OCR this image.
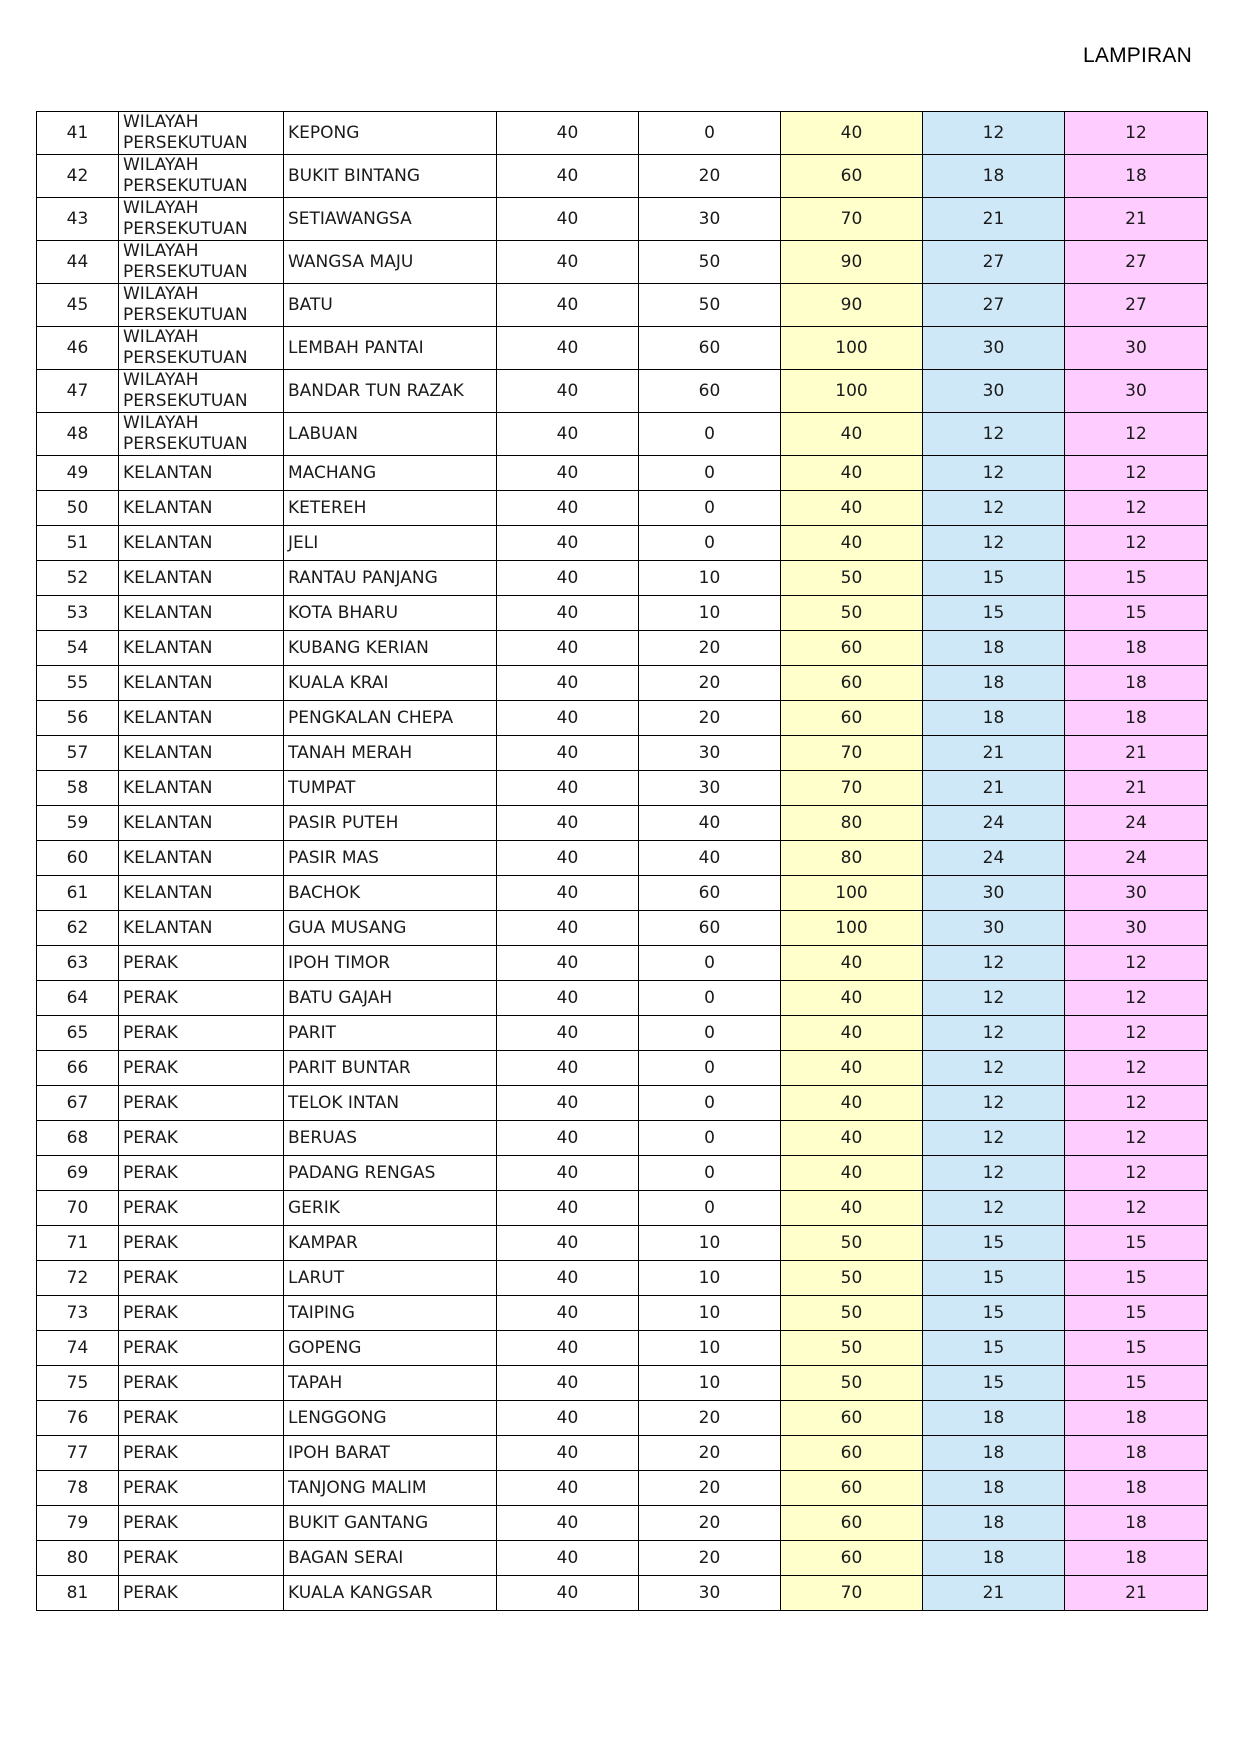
LAMPIRAN
41	WILAYAH PERSEKUTUAN	KEPONG	40	0	40	12	12
42	WILAYAH PERSEKUTUAN	BUKIT BINTANG	40	20	60	18	18
43	WILAYAH PERSEKUTUAN	SETIAWANGSA	40	30	70	21	21
44	WILAYAH PERSEKUTUAN	WANGSA MAJU	40	50	90	27	27
45	WILAYAH PERSEKUTUAN	BATU	40	50	90	27	27
46	WILAYAH PERSEKUTUAN	LEMBAH PANTAI	40	60	100	30	30
47	WILAYAH PERSEKUTUAN	BANDAR TUN RAZAK	40	60	100	30	30
48	WILAYAH PERSEKUTUAN	LABUAN	40	0	40	12	12
49	KELANTAN	MACHANG	40	0	40	12	12
50	KELANTAN	KETEREH	40	0	40	12	12
51	KELANTAN	JELI	40	0	40	12	12
52	KELANTAN	RANTAU PANJANG	40	10	50	15	15
53	KELANTAN	KOTA BHARU	40	10	50	15	15
54	KELANTAN	KUBANG KERIAN	40	20	60	18	18
55	KELANTAN	KUALA KRAI	40	20	60	18	18
56	KELANTAN	PENGKALAN CHEPA	40	20	60	18	18
57	KELANTAN	TANAH MERAH	40	30	70	21	21
58	KELANTAN	TUMPAT	40	30	70	21	21
59	KELANTAN	PASIR PUTEH	40	40	80	24	24
60	KELANTAN	PASIR MAS	40	40	80	24	24
61	KELANTAN	BACHOK	40	60	100	30	30
62	KELANTAN	GUA MUSANG	40	60	100	30	30
63	PERAK	IPOH TIMOR	40	0	40	12	12
64	PERAK	BATU GAJAH	40	0	40	12	12
65	PERAK	PARIT	40	0	40	12	12
66	PERAK	PARIT BUNTAR	40	0	40	12	12
67	PERAK	TELOK INTAN	40	0	40	12	12
68	PERAK	BERUAS	40	0	40	12	12
69	PERAK	PADANG RENGAS	40	0	40	12	12
70	PERAK	GERIK	40	0	40	12	12
71	PERAK	KAMPAR	40	10	50	15	15
72	PERAK	LARUT	40	10	50	15	15
73	PERAK	TAIPING	40	10	50	15	15
74	PERAK	GOPENG	40	10	50	15	15
75	PERAK	TAPAH	40	10	50	15	15
76	PERAK	LENGGONG	40	20	60	18	18
77	PERAK	IPOH BARAT	40	20	60	18	18
78	PERAK	TANJONG MALIM	40	20	60	18	18
79	PERAK	BUKIT GANTANG	40	20	60	18	18
80	PERAK	BAGAN SERAI	40	20	60	18	18
81	PERAK	KUALA KANGSAR	40	30	70	21	21
